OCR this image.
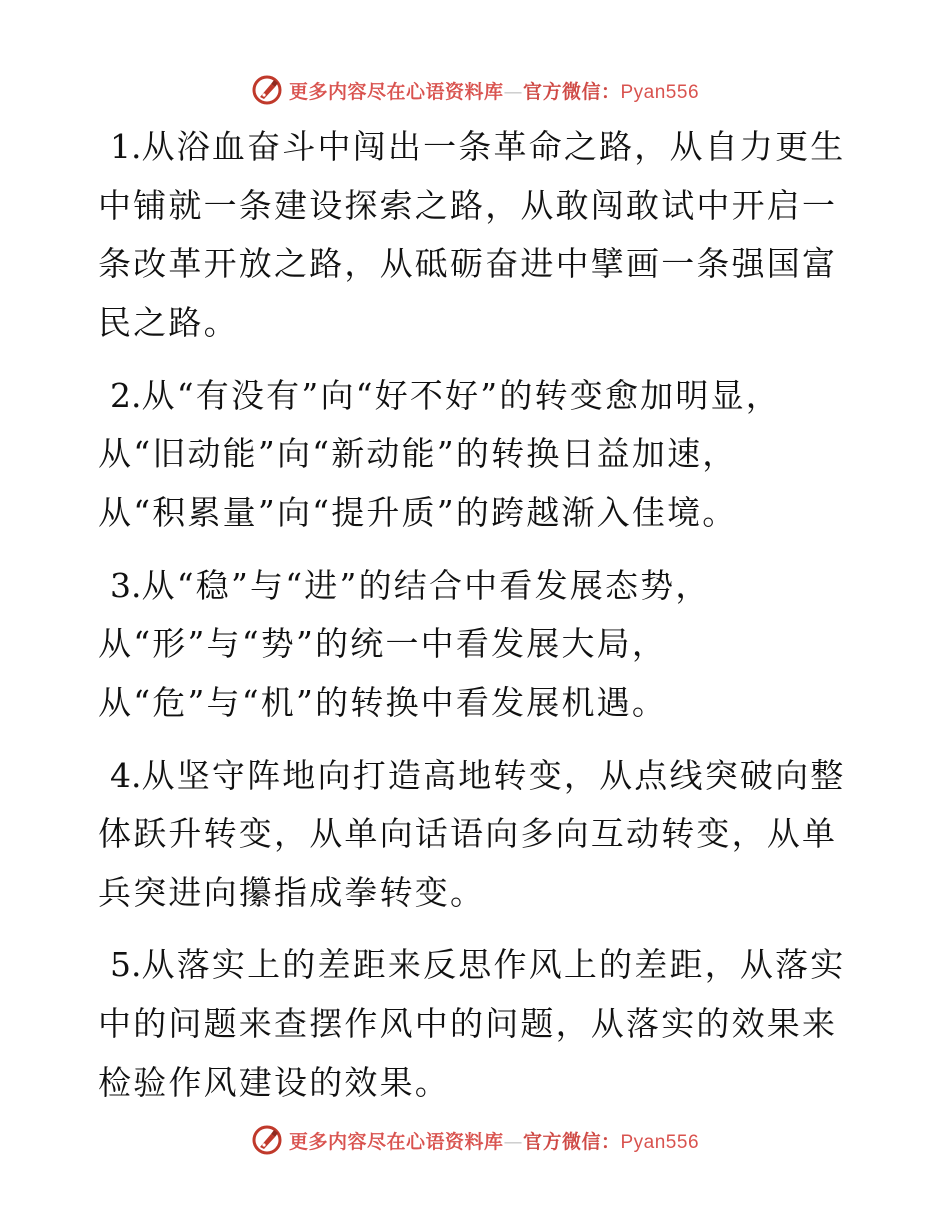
更多内容尽在心语资料库—官方微信：Pyan556

1.从浴血奋斗中闯出一条革命之路，从自力更生中铺就一条建设探索之路，从敢闯敢试中开启一条改革开放之路，从砥砺奋进中擘画一条强国富民之路。

2.从“有没有”向“好不好”的转变愈加明显，
从“旧动能”向“新动能”的转换日益加速，
从“积累量”向“提升质”的跨越渐入佳境。

3.从“稳”与“进”的结合中看发展态势，
从“形”与“势”的统一中看发展大局，
从“危”与“机”的转换中看发展机遇。

4.从坚守阵地向打造高地转变，从点线突破向整体跃升转变，从单向话语向多向互动转变，从单兵突进向攥指成拳转变。

5.从落实上的差距来反思作风上的差距，从落实中的问题来查摆作风中的问题，从落实的效果来检验作风建设的效果。

更多内容尽在心语资料库—官方微信：Pyan556
